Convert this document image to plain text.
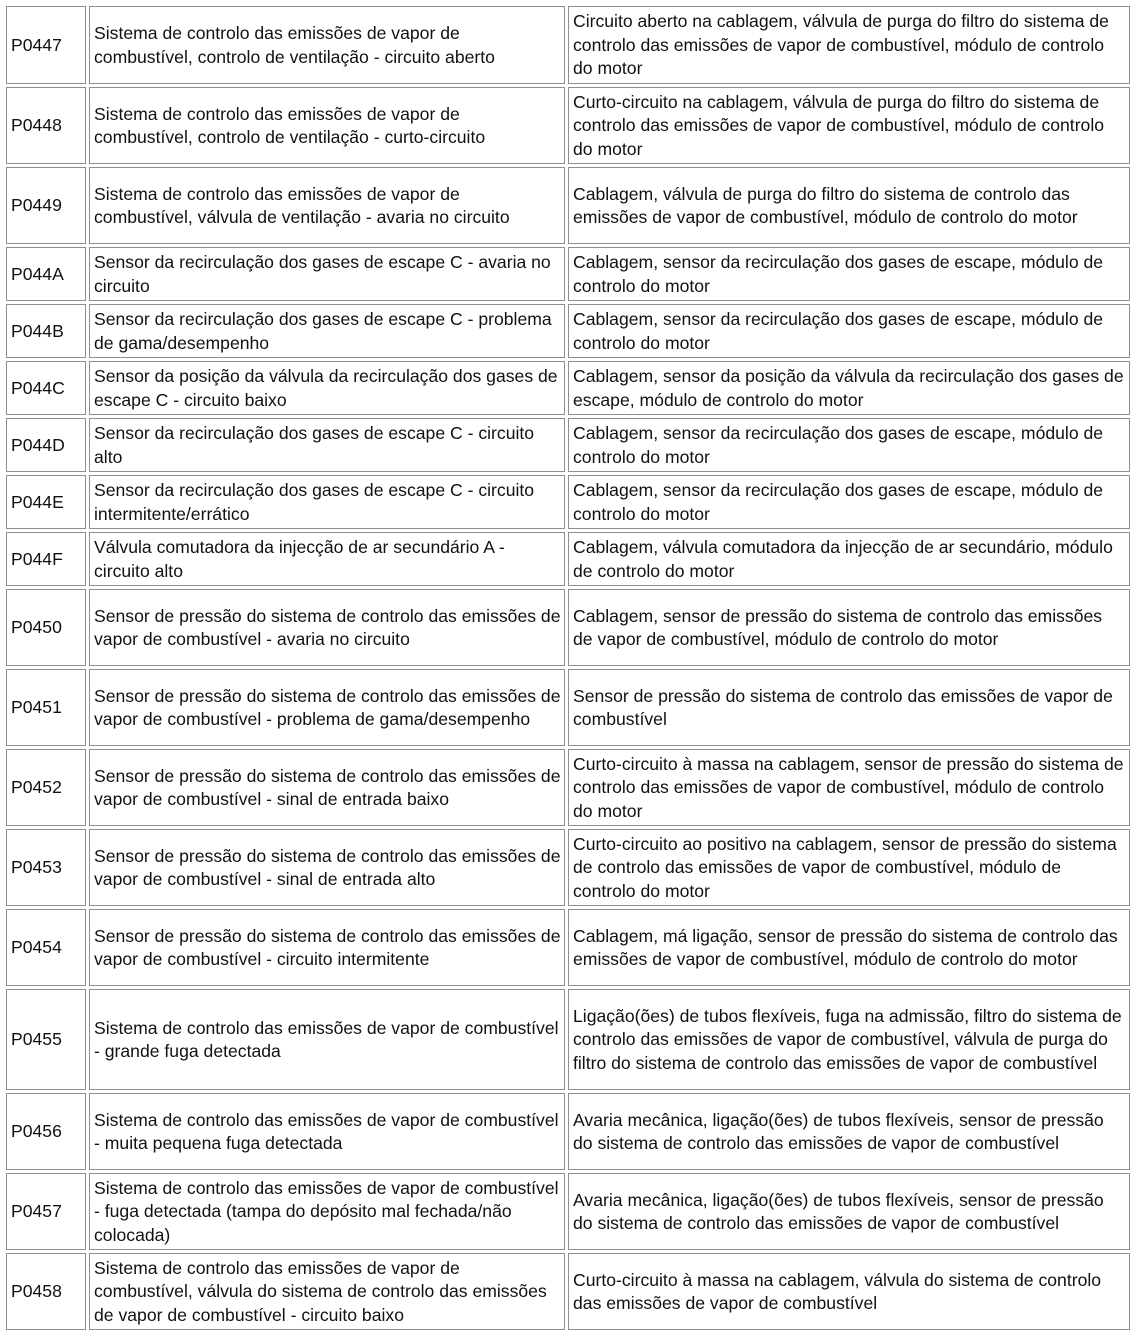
P0447	Sistema de controlo das emissões de vapor de combustível, controlo de ventilação - circuito aberto	Circuito aberto na cablagem, válvula de purga do filtro do sistema de controlo das emissões de vapor de combustível, módulo de controlo do motor
P0448	Sistema de controlo das emissões de vapor de combustível, controlo de ventilação - curto-circuito	Curto-circuito na cablagem, válvula de purga do filtro do sistema de controlo das emissões de vapor de combustível, módulo de controlo do motor
P0449	Sistema de controlo das emissões de vapor de combustível, válvula de ventilação - avaria no circuito	Cablagem, válvula de purga do filtro do sistema de controlo das emissões de vapor de combustível, módulo de controlo do motor
P044A	Sensor da recirculação dos gases de escape C - avaria no circuito	Cablagem, sensor da recirculação dos gases de escape, módulo de controlo do motor
P044B	Sensor da recirculação dos gases de escape C - problema de gama/desempenho	Cablagem, sensor da recirculação dos gases de escape, módulo de controlo do motor
P044C	Sensor da posição da válvula da recirculação dos gases de escape C - circuito baixo	Cablagem, sensor da posição da válvula da recirculação dos gases de escape, módulo de controlo do motor
P044D	Sensor da recirculação dos gases de escape C - circuito alto	Cablagem, sensor da recirculação dos gases de escape, módulo de controlo do motor
P044E	Sensor da recirculação dos gases de escape C - circuito intermitente/errático	Cablagem, sensor da recirculação dos gases de escape, módulo de controlo do motor
P044F	Válvula comutadora da injecção de ar secundário A - circuito alto	Cablagem, válvula comutadora da injecção de ar secundário, módulo de controlo do motor
P0450	Sensor de pressão do sistema de controlo das emissões de vapor de combustível - avaria no circuito	Cablagem, sensor de pressão do sistema de controlo das emissões de vapor de combustível, módulo de controlo do motor
P0451	Sensor de pressão do sistema de controlo das emissões de vapor de combustível - problema de gama/desempenho	Sensor de pressão do sistema de controlo das emissões de vapor de combustível
P0452	Sensor de pressão do sistema de controlo das emissões de vapor de combustível - sinal de entrada baixo	Curto-circuito à massa na cablagem, sensor de pressão do sistema de controlo das emissões de vapor de combustível, módulo de controlo do motor
P0453	Sensor de pressão do sistema de controlo das emissões de vapor de combustível - sinal de entrada alto	Curto-circuito ao positivo na cablagem, sensor de pressão do sistema de controlo das emissões de vapor de combustível, módulo de controlo do motor
P0454	Sensor de pressão do sistema de controlo das emissões de vapor de combustível - circuito intermitente	Cablagem, má ligação, sensor de pressão do sistema de controlo das emissões de vapor de combustível, módulo de controlo do motor
P0455	Sistema de controlo das emissões de vapor de combustível - grande fuga detectada	Ligação(ões) de tubos flexíveis, fuga na admissão, filtro do sistema de controlo das emissões de vapor de combustível, válvula de purga do filtro do sistema de controlo das emissões de vapor de combustível
P0456	Sistema de controlo das emissões de vapor de combustível - muita pequena fuga detectada	Avaria mecânica, ligação(ões) de tubos flexíveis, sensor de pressão do sistema de controlo das emissões de vapor de combustível
P0457	Sistema de controlo das emissões de vapor de combustível - fuga detectada (tampa do depósito mal fechada/não colocada)	Avaria mecânica, ligação(ões) de tubos flexíveis, sensor de pressão do sistema de controlo das emissões de vapor de combustível
P0458	Sistema de controlo das emissões de vapor de combustível, válvula do sistema de controlo das emissões de vapor de combustível - circuito baixo	Curto-circuito à massa na cablagem, válvula do sistema de controlo das emissões de vapor de combustível
